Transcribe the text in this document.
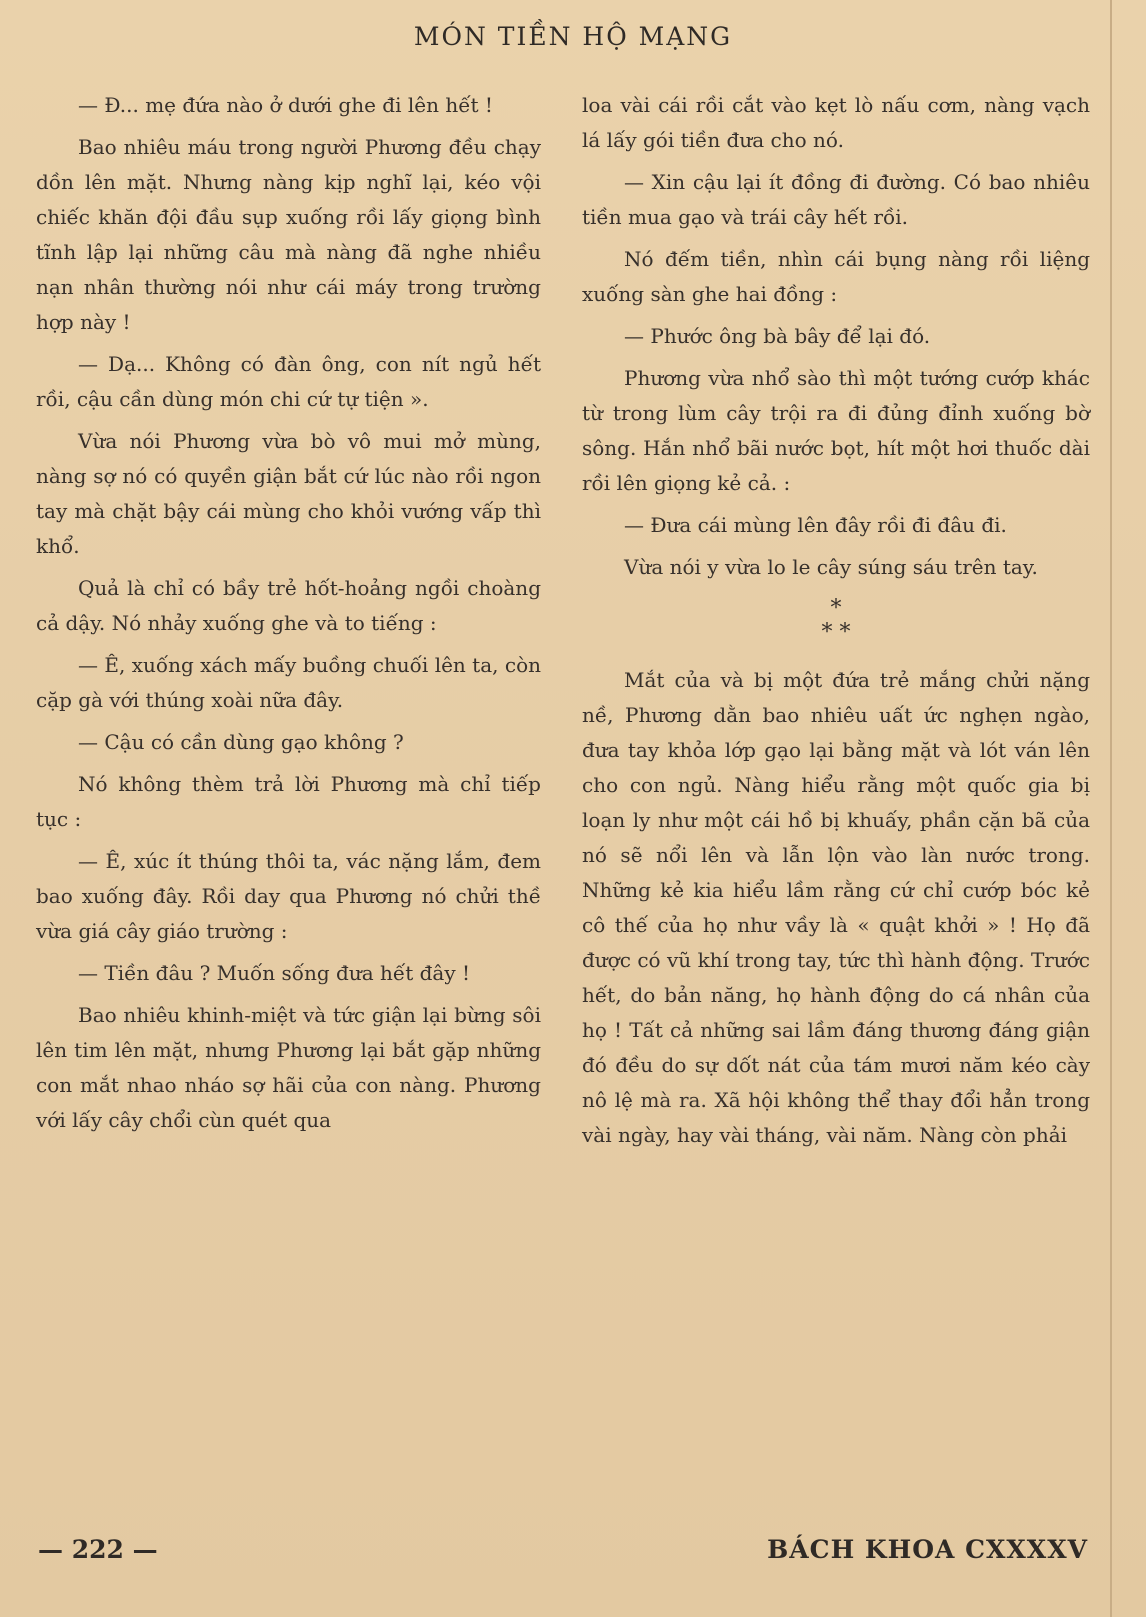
MÓN TIỀN HỘ MẠNG

— Đ... mẹ đứa nào ở dưới ghe đi lên hết !

Bao nhiêu máu trong người Phương đều chạy dồn lên mặt. Nhưng nàng kịp nghĩ lại, kéo vội chiếc khăn đội đầu sụp xuống rồi lấy giọng bình tĩnh lập lại những câu mà nàng đã nghe nhiều nạn nhân thường nói như cái máy trong trường hợp này !

— Dạ... Không có đàn ông, con nít ngủ hết rồi, cậu cần dùng món chi cứ tự tiện ».

Vừa nói Phương vừa bò vô mui mở mùng, nàng sợ nó có quyền giận bắt cứ lúc nào rồi ngon tay mà chặt bậy cái mùng cho khỏi vướng vấp thì khổ.

Quả là chỉ có bầy trẻ hốt-hoảng ngồi choàng cả dậy. Nó nhảy xuống ghe và to tiếng :

— Ê, xuống xách mấy buồng chuối lên ta, còn cặp gà với thúng xoài nữa đây.

— Cậu có cần dùng gạo không ?

Nó không thèm trả lời Phương mà chỉ tiếp tục :

— Ê, xúc ít thúng thôi ta, vác nặng lắm, đem bao xuống đây. Rồi day qua Phương nó chửi thề vừa giá cây giáo trường :

— Tiền đâu ? Muốn sống đưa hết đây !

Bao nhiêu khinh-miệt và tức giận lại bừng sôi lên tim lên mặt, nhưng Phương lại bắt gặp những con mắt nhao nháo sợ hãi của con nàng. Phương với lấy cây chổi cùn quét qua

loa vài cái rồi cắt vào kẹt lò nấu cơm, nàng vạch lá lấy gói tiền đưa cho nó.

— Xin cậu lại ít đồng đi đường. Có bao nhiêu tiền mua gạo và trái cây hết rồi.

Nó đếm tiền, nhìn cái bụng nàng rồi liệng xuống sàn ghe hai đồng :

— Phước ông bà bây để lại đó.

Phương vừa nhổ sào thì một tướng cướp khác từ trong lùm cây trội ra đi đủng đỉnh xuống bờ sông. Hắn nhổ bãi nước bọt, hít một hơi thuốc dài rồi lên giọng kẻ cả. :

— Đưa cái mùng lên đây rồi đi đâu đi.

Vừa nói y vừa lo le cây súng sáu trên tay.

*
* *

Mắt của và bị một đứa trẻ mắng chửi nặng nề, Phương dằn bao nhiêu uất ức nghẹn ngào, đưa tay khỏa lớp gạo lại bằng mặt và lót ván lên cho con ngủ. Nàng hiểu rằng một quốc gia bị loạn ly như một cái hồ bị khuấy, phần cặn bã của nó sẽ nổi lên và lẫn lộn vào làn nước trong. Những kẻ kia hiểu lầm rằng cứ chỉ cướp bóc kẻ cô thế của họ như vầy là « quật khởi » ! Họ đã được có vũ khí trong tay, tức thì hành động. Trước hết, do bản năng, họ hành động do cá nhân của họ ! Tất cả những sai lầm đáng thương đáng giận đó đều do sự dốt nát của tám mươi năm kéo cày nô lệ mà ra. Xã hội không thể thay đổi hẳn trong vài ngày, hay vài tháng, vài năm. Nàng còn phải

— 222 —	BÁCH KHOA CXXXXV
